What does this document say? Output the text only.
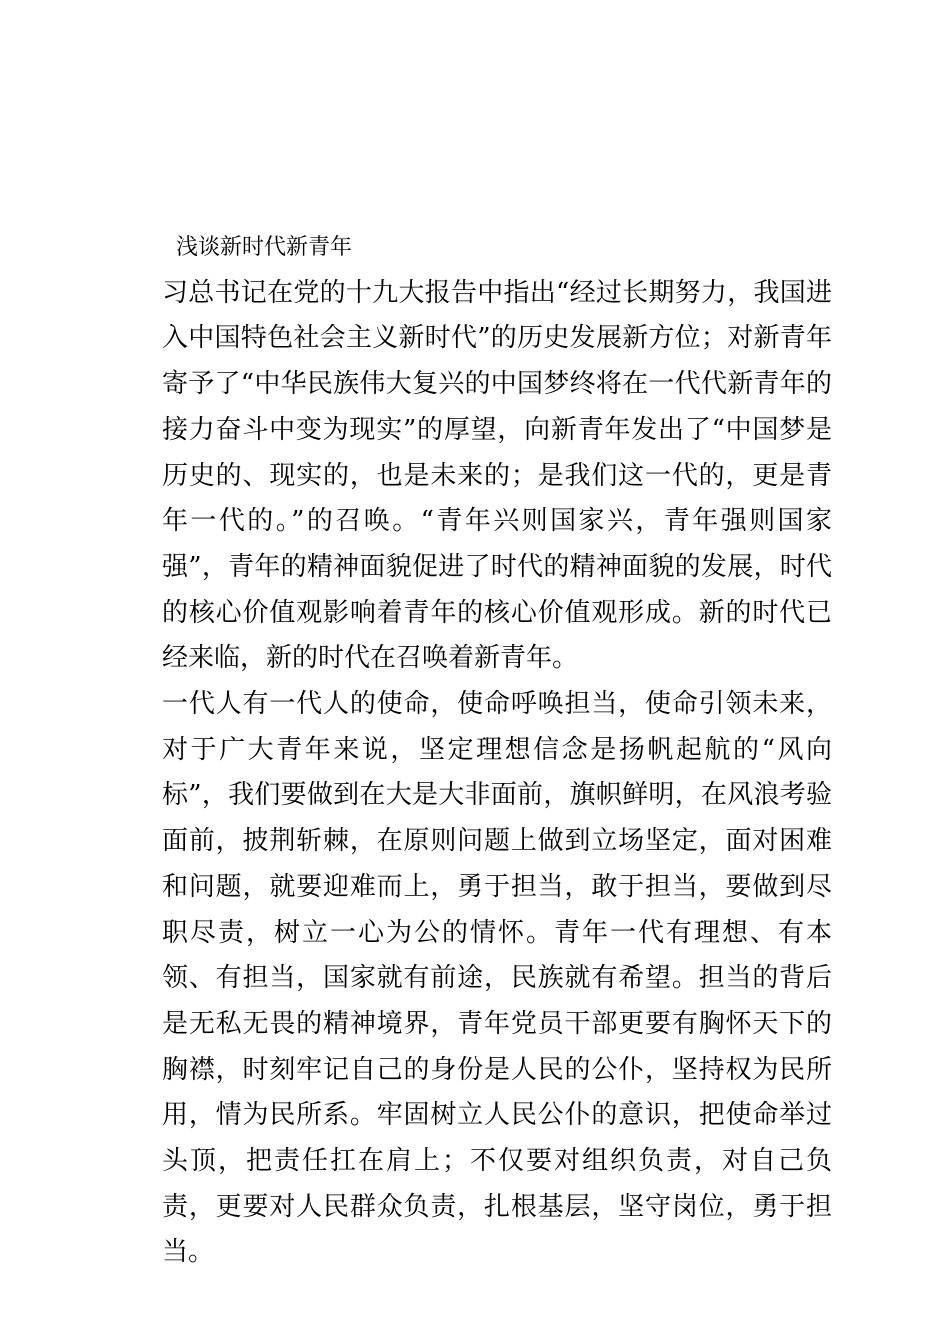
浅谈新时代新青年

习总书记在党的十九大报告中指出“经过长期努力，我国进入中国特色社会主义新时代”的历史发展新方位；对新青年寄予了“中华民族伟大复兴的中国梦终将在一代代新青年的接力奋斗中变为现实”的厚望，向新青年发出了“中国梦是历史的、现实的，也是未来的；是我们这一代的，更是青年一代的。”的召唤。“青年兴则国家兴，青年强则国家强”，青年的精神面貌促进了时代的精神面貌的发展，时代的核心价值观影响着青年的核心价值观形成。新的时代已经来临，新的时代在召唤着新青年。

一代人有一代人的使命，使命呼唤担当，使命引领未来，对于广大青年来说，坚定理想信念是扬帆起航的“风向标”，我们要做到在大是大非面前，旗帜鲜明，在风浪考验面前，披荆斩棘，在原则问题上做到立场坚定，面对困难和问题，就要迎难而上，勇于担当，敢于担当，要做到尽职尽责，树立一心为公的情怀。青年一代有理想、有本领、有担当，国家就有前途，民族就有希望。担当的背后是无私无畏的精神境界，青年党员干部更要有胸怀天下的胸襟，时刻牢记自己的身份是人民的公仆，坚持权为民所用，情为民所系。牢固树立人民公仆的意识，把使命举过头顶，把责任扛在肩上；不仅要对组织负责，对自己负责，更要对人民群众负责，扎根基层，坚守岗位，勇于担当。
